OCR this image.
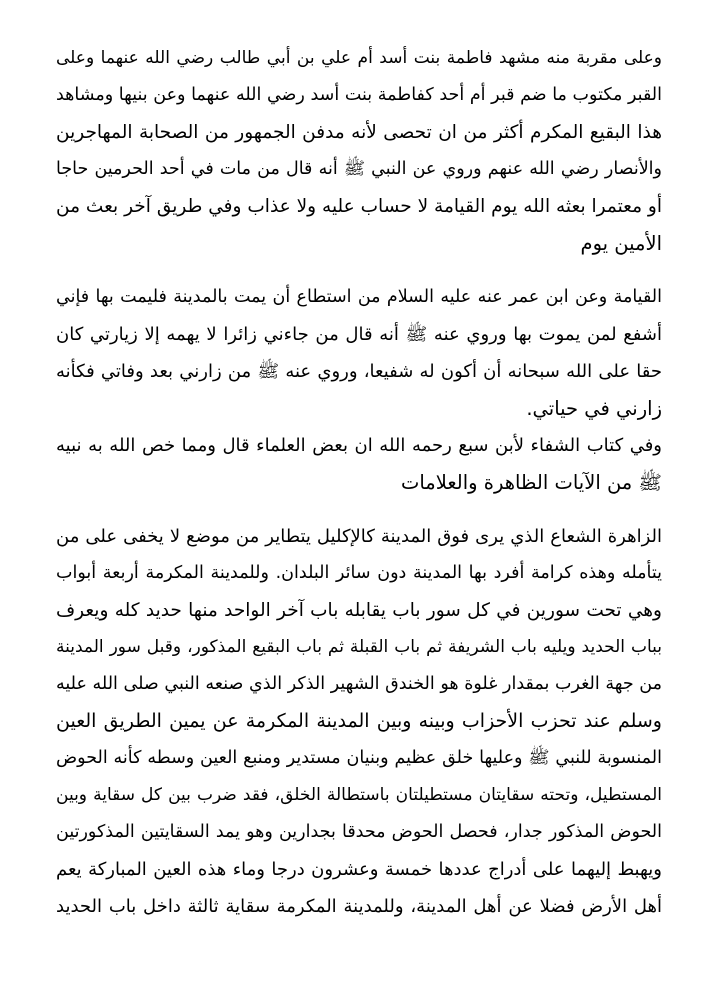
وعلى مقربة منه مشهد فاطمة بنت أسد أم علي بن أبي طالب رضي الله عنهما وعلى
القبر مكتوب ما ضم قبر أم أحد كفاطمة بنت أسد رضي الله عنهما وعن بنيها ومشاهد
هذا البقيع المكرم أكثر من ان تحصى لأنه مدفن الجمهور من الصحابة المهاجرين
والأنصار رضي الله عنهم وروي عن النبي ﷺ أنه قال من مات في أحد الحرمين حاجا
أو معتمرا بعثه الله يوم القيامة لا حساب عليه ولا عذاب وفي طريق آخر بعث من
الأمين يوم
القيامة وعن ابن عمر عنه عليه السلام من استطاع أن يمت بالمدينة فليمت بها فإني
أشفع لمن يموت بها وروي عنه ﷺ أنه قال من جاءني زائرا لا يهمه إلا زيارتي كان
حقا على الله سبحانه أن أكون له شفيعا، وروي عنه ﷺ من زارني بعد وفاتي فكأنه
زارني في حياتي.
وفي كتاب الشفاء لأبن سبع رحمه الله ان بعض العلماء قال ومما خص الله به نبيه
ﷺ من الآيات الظاهرة والعلامات
الزاهرة الشعاع الذي يرى فوق المدينة كالإكليل يتطاير من موضع لا يخفى على من
يتأمله وهذه كرامة أفرد بها المدينة دون سائر البلدان. وللمدينة المكرمة أربعة أبواب
وهي تحت سورين في كل سور باب يقابله باب آخر الواحد منها حديد كله ويعرف
بباب الحديد ويليه باب الشريفة ثم باب القبلة ثم باب البقيع المذكور، وقبل سور المدينة
من جهة الغرب بمقدار غلوة هو الخندق الشهير الذكر الذي صنعه النبي صلى الله عليه
وسلم عند تحزب الأحزاب وبينه وبين المدينة المكرمة عن يمين الطريق العين
المنسوبة للنبي ﷺ وعليها خلق عظيم وبنيان مستدير ومنبع العين وسطه كأنه الحوض
المستطيل، وتحته سقايتان مستطيلتان باستطالة الخلق، فقد ضرب بين كل سقاية وبين
الحوض المذكور جدار، فحصل الحوض محدقا بجدارين وهو يمد السقايتين المذكورتين
ويهبط إليهما على أدراج عددها خمسة وعشرون درجا وماء هذه العين المباركة يعم
أهل الأرض فضلا عن أهل المدينة، وللمدينة المكرمة سقاية ثالثة داخل باب الحديد
